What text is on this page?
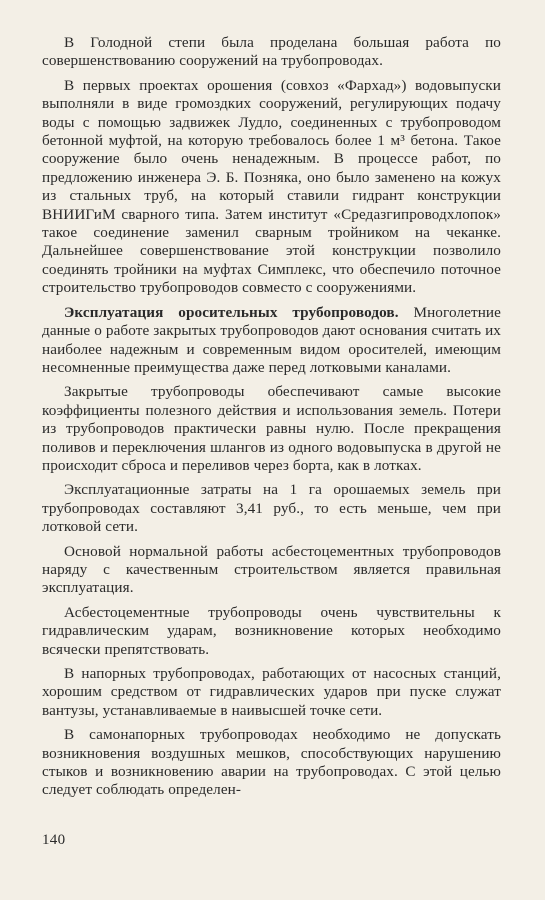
В Голодной степи была проделана большая работа по совершенствованию сооружений на трубопроводах.

В первых проектах орошения (совхоз «Фархад») водовыпуски выполняли в виде громоздких сооружений, регулирующих подачу воды с помощью задвижек Лудло, соединенных с трубопроводом бетонной муфтой, на которую требовалось более 1 м³ бетона. Такое сооружение было очень ненадежным. В процессе работ, по предложению инженера Э. Б. Позняка, оно было заменено на кожух из стальных труб, на который ставили гидрант конструкции ВНИИГиМ сварного типа. Затем институт «Средазгипроводхлопок» такое соединение заменил сварным тройником на чеканке. Дальнейшее совершенствование этой конструкции позволило соединять тройники на муфтах Симплекс, что обеспечило поточное строительство трубопроводов совместо с сооружениями.

Эксплуатация оросительных трубопроводов. Многолетние данные о работе закрытых трубопроводов дают основания считать их наиболее надежным и современным видом оросителей, имеющим несомненные преимущества даже перед лотковыми каналами.

Закрытые трубопроводы обеспечивают самые высокие коэффициенты полезного действия и использования земель. Потери из трубопроводов практически равны нулю. После прекращения поливов и переключения шлангов из одного водовыпуска в другой не происходит сброса и переливов через борта, как в лотках.

Эксплуатационные затраты на 1 га орошаемых земель при трубопроводах составляют 3,41 руб., то есть меньше, чем при лотковой сети.

Основой нормальной работы асбестоцементных трубопроводов наряду с качественным строительством является правильная эксплуатация.

Асбестоцементные трубопроводы очень чувствительны к гидравлическим ударам, возникновение которых необходимо всячески препятствовать.

В напорных трубопроводах, работающих от насосных станций, хорошим средством от гидравлических ударов при пуске служат вантузы, устанавливаемые в наивысшей точке сети.

В самонапорных трубопроводах необходимо не допускать возникновения воздушных мешков, способствующих нарушению стыков и возникновению аварии на трубопроводах. С этой целью следует соблюдать определен-

140
